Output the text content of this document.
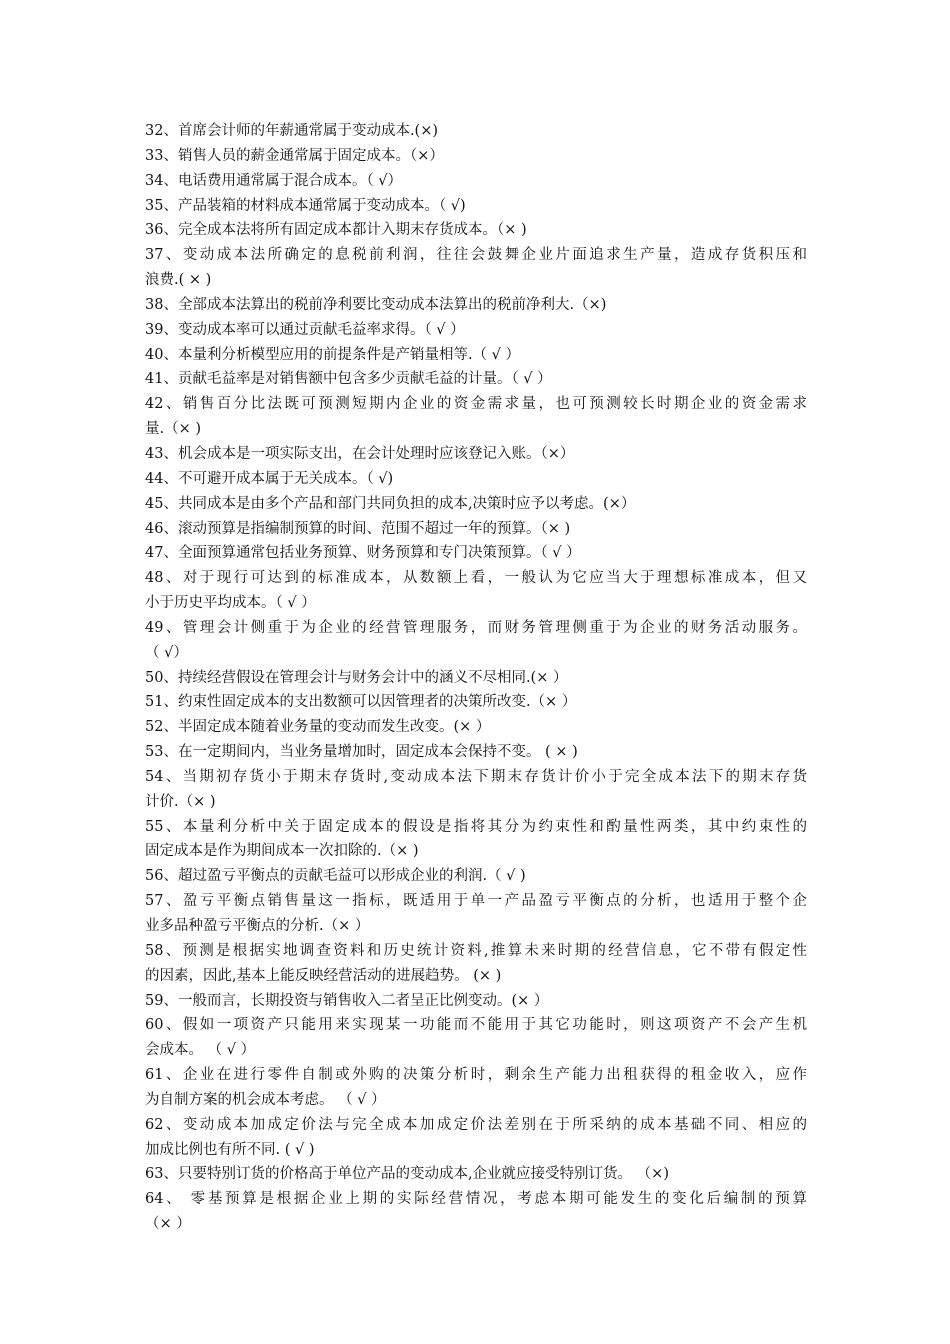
32、首席会计师的年薪通常属于变动成本.(×)
33、销售人员的薪金通常属于固定成本。（×）
34、电话费用通常属于混合成本。（ √）
35、产品装箱的材料成本通常属于变动成本。（ √)
36、完全成本法将所有固定成本都计入期末存货成本。（× )
37、变动成本法所确定的息税前利润，往往会鼓舞企业片面追求生产量，造成存货积压和
浪费.( × )
38、全部成本法算出的税前净利要比变动成本法算出的税前净利大.（×)
39、变动成本率可以通过贡献毛益率求得。（ √ ）
40、本量利分析模型应用的前提条件是产销量相等.（ √ ）
41、贡献毛益率是对销售额中包含多少贡献毛益的计量。（ √ ）
42、销售百分比法既可预测短期内企业的资金需求量，也可预测较长时期企业的资金需求
量.（× )
43、机会成本是一项实际支出，在会计处理时应该登记入账。（×）
44、不可避开成本属于无关成本。（ √)
45、共同成本是由多个产品和部门共同负担的成本,决策时应予以考虑。(×）
46、滚动预算是指编制预算的时间、范围不超过一年的预算。（× )
47、全面预算通常包括业务预算、财务预算和专门决策预算。（ √ ）
48、对于现行可达到的标准成本，从数额上看，一般认为它应当大于理想标准成本，但又
小于历史平均成本。（ √ ）
49、管理会计侧重于为企业的经营管理服务，而财务管理侧重于为企业的财务活动服务。
（ √）
50、持续经营假设在管理会计与财务会计中的涵义不尽相同.(× ）
51、约束性固定成本的支出数额可以因管理者的决策所改变.（× ）
52、半固定成本随着业务量的变动而发生改变。(× ）
53、在一定期间内，当业务量增加时，固定成本会保持不变。 ( × )
54、当期初存货小于期末存货时,变动成本法下期末存货计价小于完全成本法下的期末存货
计价.（× )
55、本量利分析中关于固定成本的假设是指将其分为约束性和酌量性两类，其中约束性的
固定成本是作为期间成本一次扣除的.（× )
56、超过盈亏平衡点的贡献毛益可以形成企业的利润.（ √ )
57、盈亏平衡点销售量这一指标，既适用于单一产品盈亏平衡点的分析，也适用于整个企
业多品种盈亏平衡点的分析.（× ）
58、预测是根据实地调查资料和历史统计资料,推算未来时期的经营信息，它不带有假定性
的因素，因此,基本上能反映经营活动的进展趋势。 (× )
59、一般而言，长期投资与销售收入二者呈正比例变动。(× ）
60、假如一项资产只能用来实现某一功能而不能用于其它功能时，则这项资产不会产生机
会成本。 （ √ ）
61、企业在进行零件自制或外购的决策分析时，剩余生产能力出租获得的租金收入，应作
为自制方案的机会成本考虑。 （ √ ）
62、变动成本加成定价法与完全成本加成定价法差别在于所采纳的成本基础不同、相应的
加成比例也有所不同. ( √ )
63、只要特别订货的价格高于单位产品的变动成本,企业就应接受特别订货。 （×)
64、 零基预算是根据企业上期的实际经营情况，考虑本期可能发生的变化后编制的预算
（× ）
